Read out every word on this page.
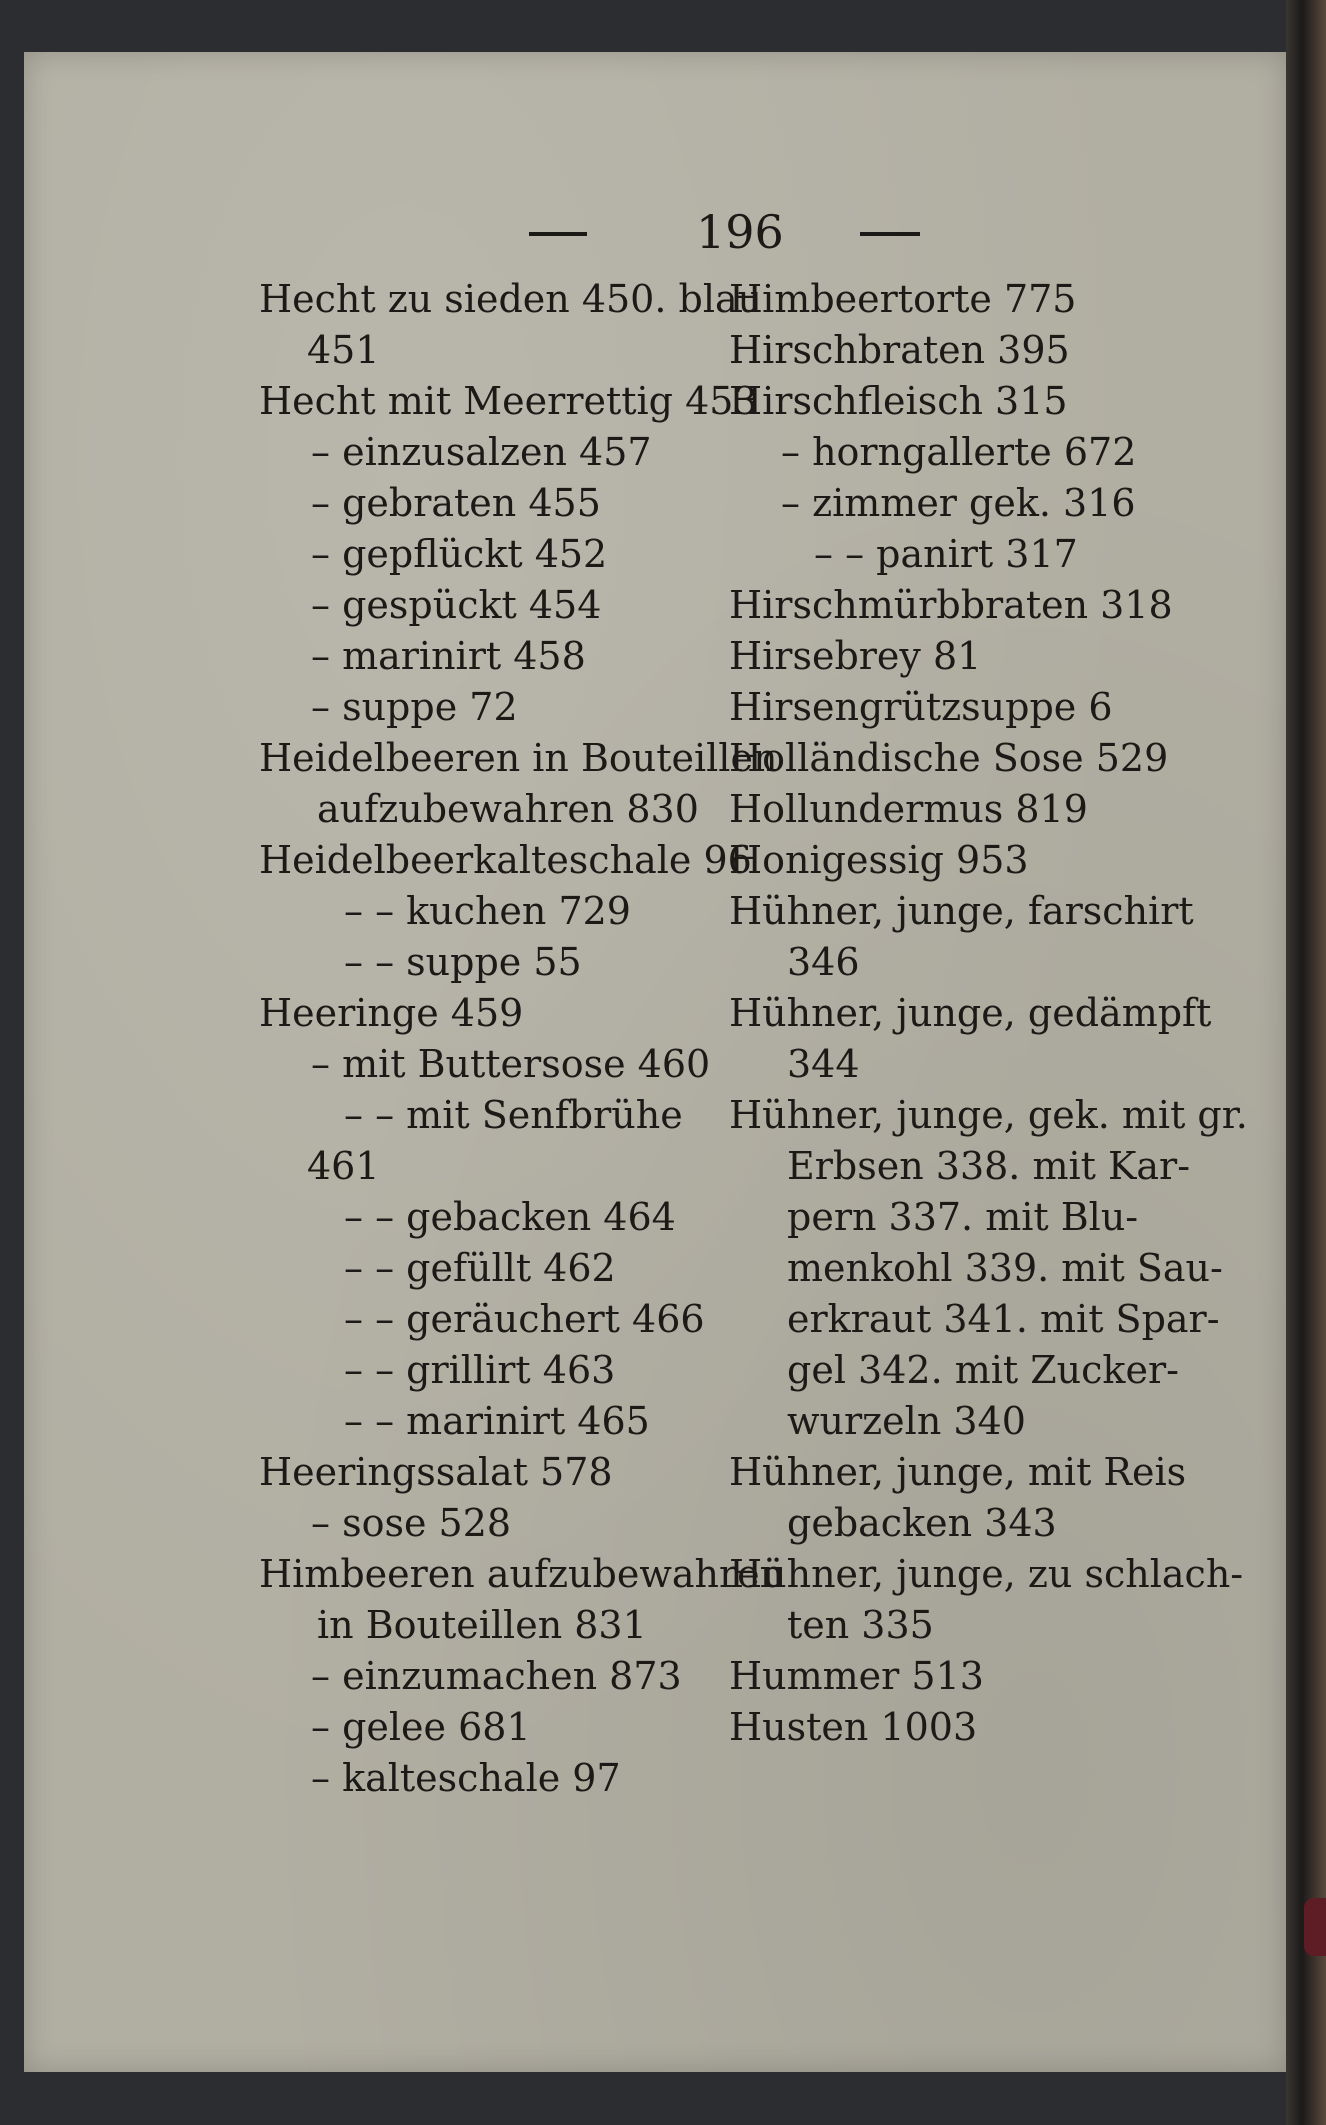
196
Hecht zu sieden 450. blau
451
Hecht mit Meerrettig 453
– einzusalzen 457
– gebraten 455
– gepflückt 452
– gespückt 454
– marinirt 458
– suppe 72
Heidelbeeren in Bouteillen
aufzubewahren 830
Heidelbeerkalteschale 96
– – kuchen 729
– – suppe 55
Heeringe 459
– mit Buttersose 460
– – mit Senfbrühe
461
– – gebacken 464
– – gefüllt 462
– – geräuchert 466
– – grillirt 463
– – marinirt 465
Heeringssalat 578
– sose 528
Himbeeren aufzubewahren
in Bouteillen 831
– einzumachen 873
– gelee 681
– kalteschale 97
Himbeertorte 775
Hirschbraten 395
Hirschfleisch 315
– horngallerte 672
– zimmer gek. 316
– – panirt 317
Hirschmürbbraten 318
Hirsebrey 81
Hirsengrützsuppe 6
Holländische Sose 529
Hollundermus 819
Honigessig 953
Hühner, junge, farschirt
346
Hühner, junge, gedämpft
344
Hühner, junge, gek. mit gr.
Erbsen 338. mit Kar-
pern 337. mit Blu-
menkohl 339. mit Sau-
erkraut 341. mit Spar-
gel 342. mit Zucker-
wurzeln 340
Hühner, junge, mit Reis
gebacken 343
Hühner, junge, zu schlach-
ten 335
Hummer 513
Husten 1003
